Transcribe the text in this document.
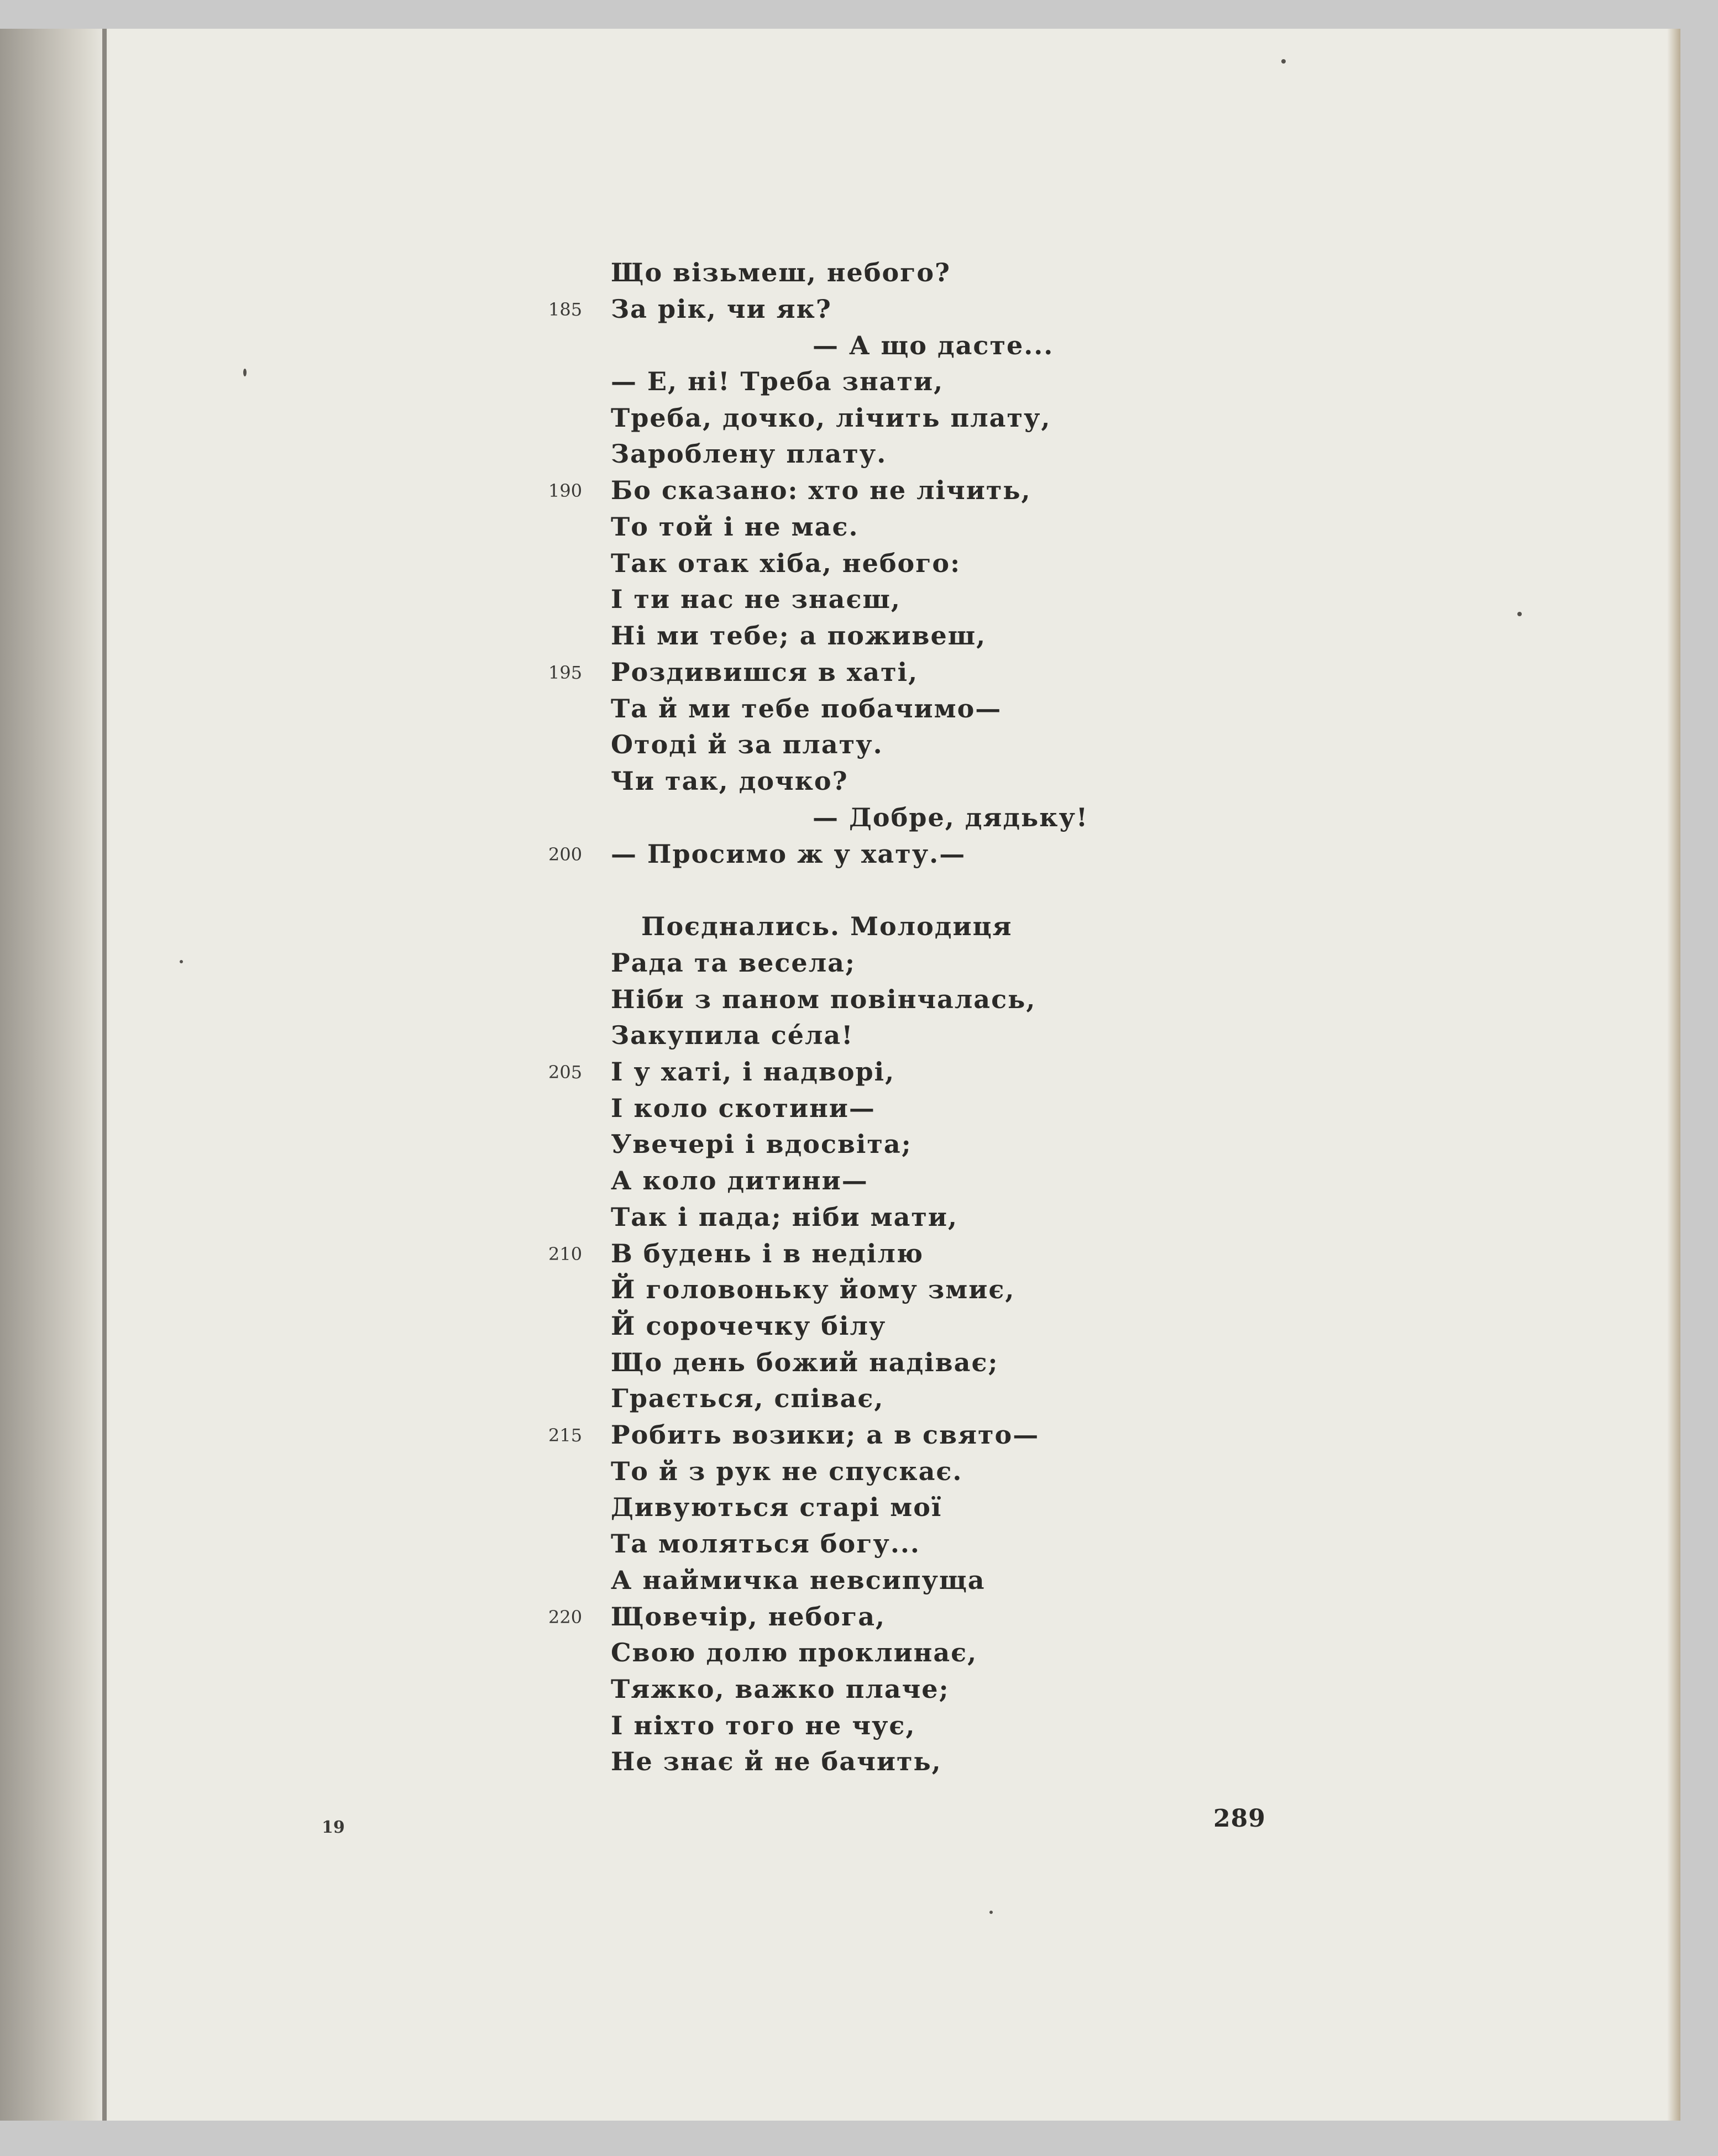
Що візьмеш, небого?
185 За рік, чи як?
— А що дасте...
— Е, ні! Треба знати,
Треба, дочко, лічить плату,
Зароблену плату.
190 Бо сказано: хто не лічить,
То той і не має.
Так отак хіба, небого:
І ти нас не знаєш,
Ні ми тебе; а поживеш,
195 Роздивишся в хаті,
Та й ми тебе побачимо—
Отоді й за плату.
Чи так, дочко?
— Добре, дядьку!
200 — Просимо ж у хату.—
Поєднались. Молодиця
Рада та весела;
Ніби з паном повінчалась,
Закупила сéла!
205 І у хаті, і надворі,
І коло скотини—
Увечері і вдосвіта;
А коло дитини—
Так і пада; ніби мати,
210 В будень і в неділю
Й головоньку йому змиє,
Й сорочечку білу
Що день божий надіває;
Грається, співає,
215 Робить возики; а в свято—
То й з рук не спускає.
Дивуються старі мої
Та моляться богу...
А наймичка невсипуща
220 Щовечір, небога,
Свою долю проклинає,
Тяжко, важко плаче;
І ніхто того не чує,
Не знає й не бачить,
19	289
